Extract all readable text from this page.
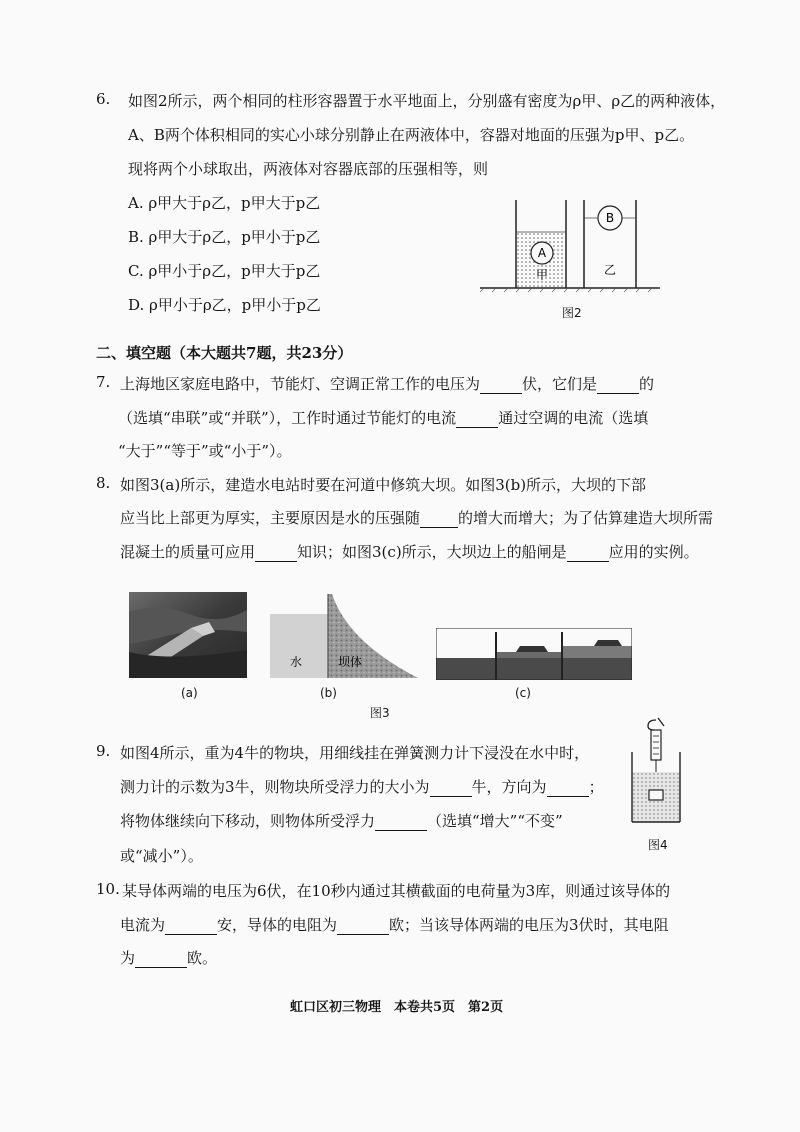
6. 如图2所示，两个相同的柱形容器置于水平地面上，分别盛有密度为ρ甲、ρ乙的两种液体，
A、B两个体积相同的实心小球分别静止在两液体中，容器对地面的压强为p甲、p乙。
现将两个小球取出，两液体对容器底部的压强相等，则
A. ρ甲大于ρ乙，p甲大于p乙
B. ρ甲大于ρ乙，p甲小于p乙
C. ρ甲小于ρ乙，p甲大于p乙
D. ρ甲小于ρ乙，p甲小于p乙
A
甲
B
乙
图2
二、填空题（本大题共7题，共23分）
7. 上海地区家庭电路中，节能灯、空调正常工作的电压为	伏，它们是	的
（选填“串联”或“并联”），工作时通过节能灯的电流	通过空调的电流（选填
“大于”“等于”或“小于”）。
8. 如图3(a)所示，建造水电站时要在河道中修筑大坝。如图3(b)所示，大坝的下部
应当比上部更为厚实，主要原因是水的压强随	的增大而增大；为了估算建造大坝所需
混凝土的质量可应用	知识；如图3(c)所示，大坝边上的船闸是	应用的实例。
(a)
水	坝体
(b)	(c)
图3
9. 如图4所示，重为4牛的物块，用细线挂在弹簧测力计下浸没在水中时，
测力计的示数为3牛，则物块所受浮力的大小为	牛，方向为	；
将物体继续向下移动，则物体所受浮力	（选填“增大”“不变”
或“减小”）。
图4
10. 某导体两端的电压为6伏，在10秒内通过其横截面的电荷量为3库，则通过该导体的
电流为	安，导体的电阻为	欧；当该导体两端的电压为3伏时，其电阻
为	欧。
虹口区初三物理　本卷共5页　第2页
